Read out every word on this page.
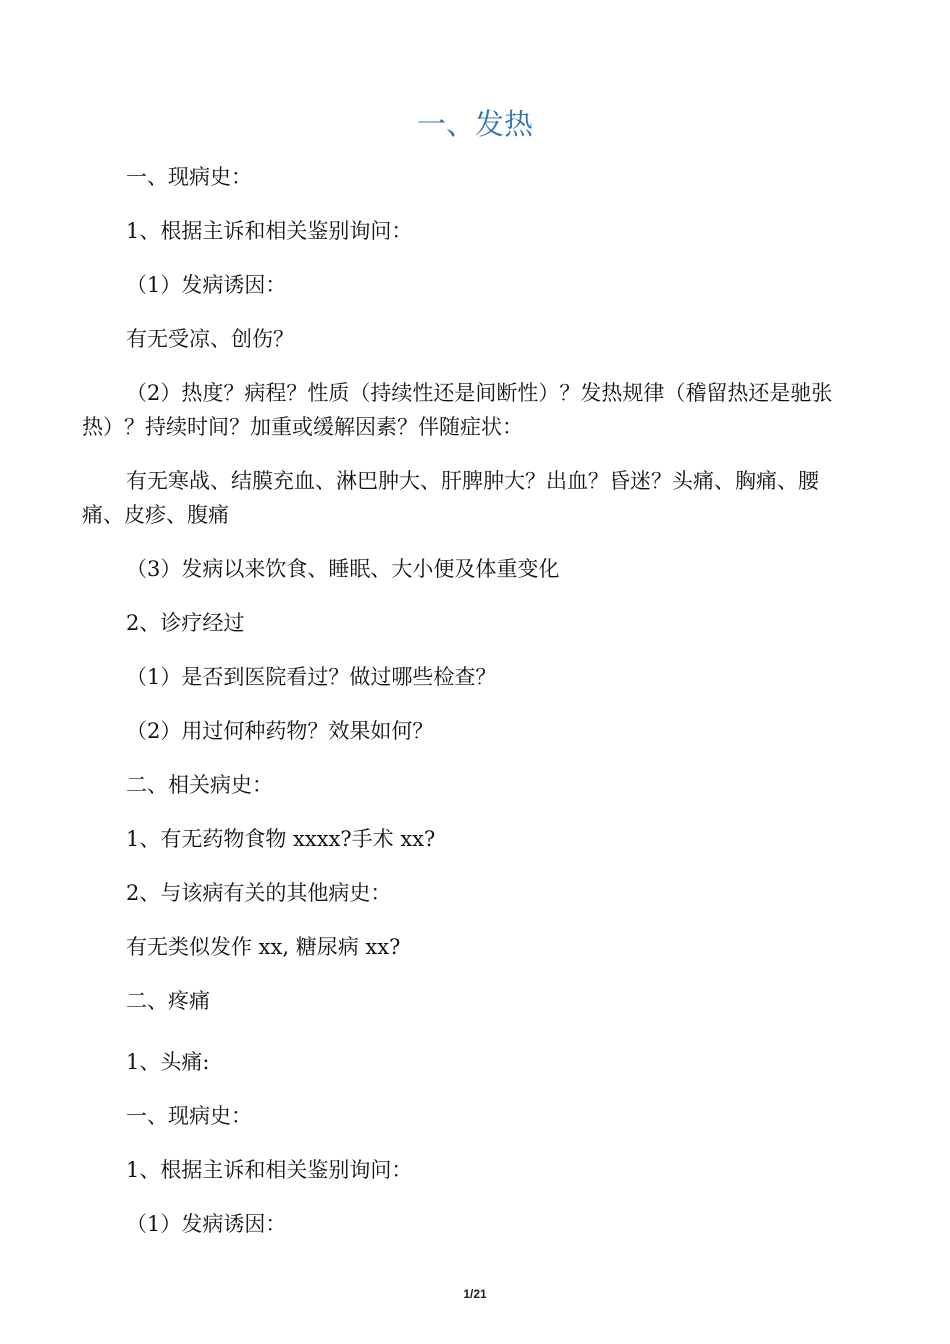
一、发热

一、现病史：

1、根据主诉和相关鉴别询问：

（1）发病诱因：

有无受凉、创伤？

（2）热度？病程？性质（持续性还是间断性）？发热规律（稽留热还是驰张热）？持续时间？加重或缓解因素？伴随症状：

有无寒战、结膜充血、淋巴肿大、肝脾肿大？出血？昏迷？头痛、胸痛、腰痛、皮疹、腹痛

（3）发病以来饮食、睡眠、大小便及体重变化

2、诊疗经过

（1）是否到医院看过？做过哪些检查？

（2）用过何种药物？效果如何？

二、相关病史：

1、有无药物食物 xxxx?手术 xx?

2、与该病有关的其他病史：

有无类似发作 xx, 糖尿病 xx?

二、疼痛

1、头痛:

一、现病史：

1、根据主诉和相关鉴别询问：

（1）发病诱因：

1/21
